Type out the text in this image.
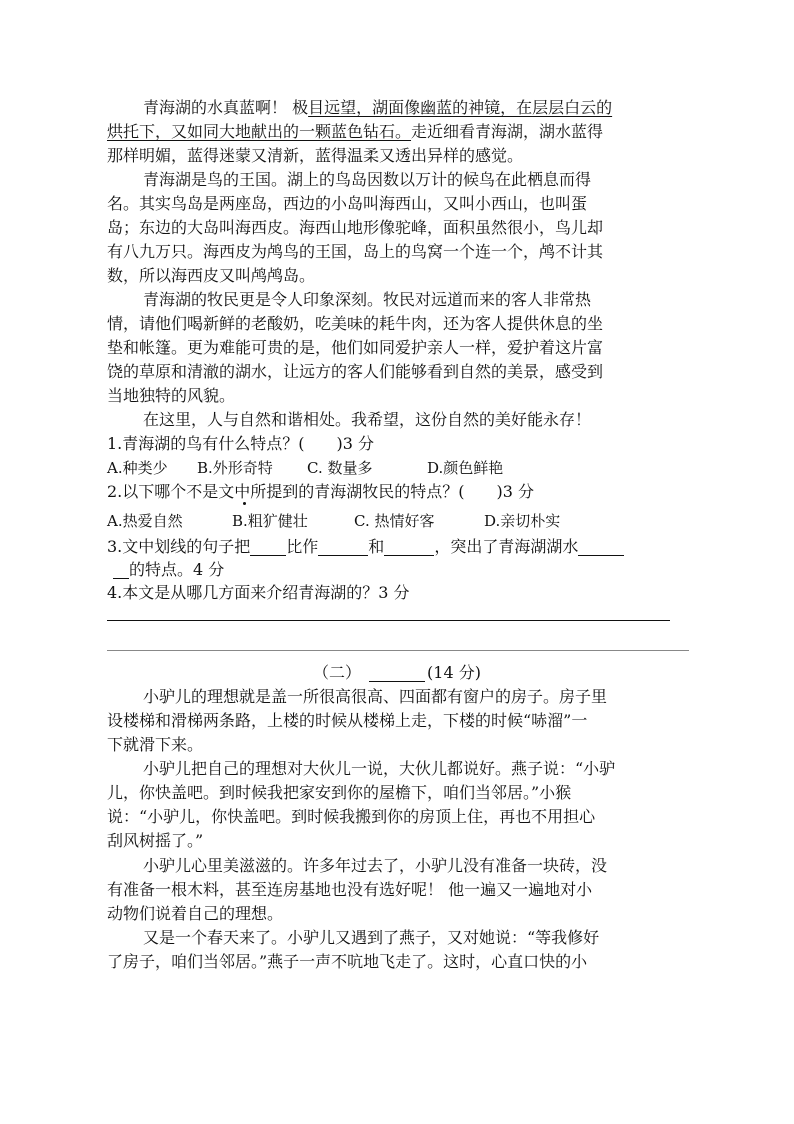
青海湖的水真蓝啊！ 极目远望，湖面像幽蓝的神镜，在层层白云的
烘托下，又如同大地献出的一颗蓝色钻石。走近细看青海湖，湖水蓝得
那样明媚，蓝得迷蒙又清新，蓝得温柔又透出异样的感觉。
青海湖是鸟的王国。湖上的鸟岛因数以万计的候鸟在此栖息而得
名。其实鸟岛是两座岛，西边的小岛叫海西山，又叫小西山，也叫蛋
岛；东边的大岛叫海西皮。海西山地形像驼峰，面积虽然很小，鸟儿却
有八九万只。海西皮为鸬鸟的王国，岛上的鸟窝一个连一个，鸬不计其
数，所以海西皮又叫鸬鸬岛。
青海湖的牧民更是令人印象深刻。牧民对远道而来的客人非常热
情，请他们喝新鲜的老酸奶，吃美味的耗牛肉，还为客人提供休息的坐
垫和帐篷。更为难能可贵的是，他们如同爱护亲人一样，爱护着这片富
饶的草原和清澈的湖水，让远方的客人们能够看到自然的美景，感受到
当地独特的风貌。
在这里，人与自然和谐相处。我希望，这份自然的美好能永存！
1.青海湖的鸟有什么特点？(　　)3 分
A.种类少 B.外形奇特 C. 数量多	D.颜色鲜艳
2.以下哪个不是文中所提到的青海湖牧民的特点？(　　)3 分
A.热爱自然	B.粗犷健壮	C. 热情好客	D.亲切朴实
3.文中划线的句子把 比作	和	，突出了青海湖湖水
的特点。4 分
4.本文是从哪几方面来介绍青海湖的？3 分
（二）	(14 分)
小驴儿的理想就是盖一所很高很高、四面都有窗户的房子。房子里
设楼梯和滑梯两条路，上楼的时候从楼梯上走，下楼的时候“哧溜”一
下就滑下来。
小驴儿把自己的理想对大伙儿一说，大伙儿都说好。燕子说：“小驴
儿，你快盖吧。到时候我把家安到你的屋檐下，咱们当邻居。”小猴
说：“小驴儿，你快盖吧。到时候我搬到你的房顶上住，再也不用担心
刮风树摇了。”
小驴儿心里美滋滋的。许多年过去了，小驴儿没有准备一块砖，没
有准备一根木料，甚至连房基地也没有选好呢！ 他一遍又一遍地对小
动物们说着自己的理想。
又是一个春天来了。小驴儿又遇到了燕子，又对她说：“等我修好
了房子，咱们当邻居。”燕子一声不吭地飞走了。这时，心直口快的小
